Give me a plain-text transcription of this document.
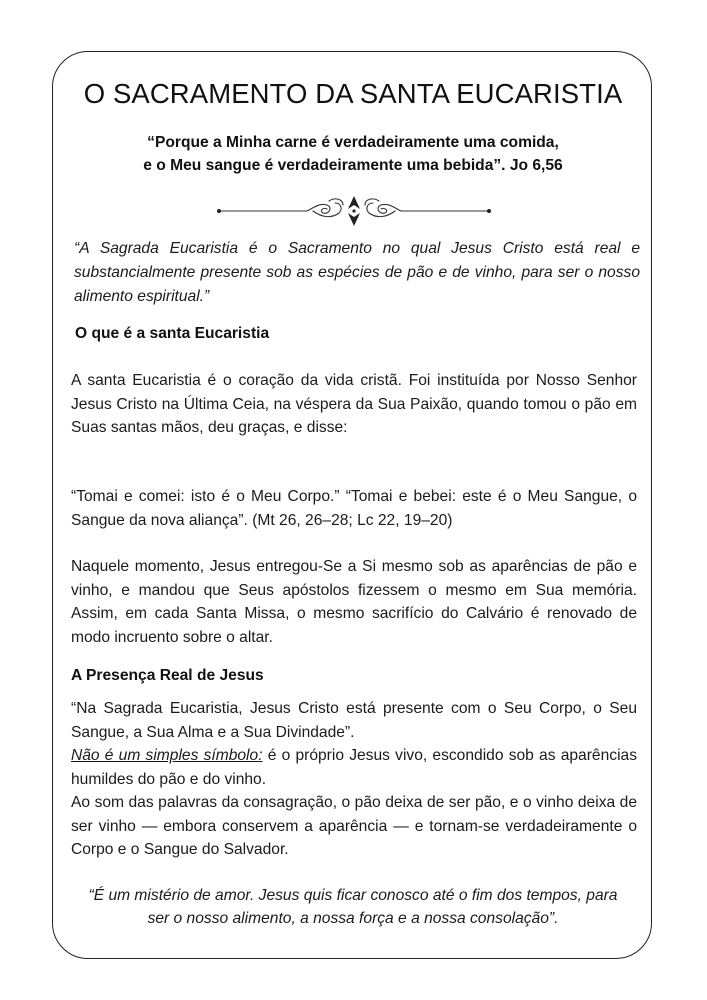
O SACRAMENTO DA SANTA EUCARISTIA
“Porque a Minha carne é verdadeiramente uma comida,
e o Meu sangue é verdadeiramente uma bebida”. Jo 6,56
“A Sagrada Eucaristia é o Sacramento no qual Jesus Cristo está real e substancialmente presente sob as espécies de pão e de vinho, para ser o nosso alimento espiritual.”
O que é a santa Eucaristia

A santa Eucaristia é o coração da vida cristã. Foi instituída por Nosso Senhor Jesus Cristo na Última Ceia, na véspera da Sua Paixão, quando tomou o pão em Suas santas mãos, deu graças, e disse:

“Tomai e comei: isto é o Meu Corpo.” “Tomai e bebei: este é o Meu Sangue, o Sangue da nova aliança”. (Mt 26, 26–28; Lc 22, 19–20)

Naquele momento, Jesus entregou-Se a Si mesmo sob as aparências de pão e vinho, e mandou que Seus apóstolos fizessem o mesmo em Sua memória. Assim, em cada Santa Missa, o mesmo sacrifício do Calvário é renovado de modo incruento sobre o altar.

A Presença Real de Jesus
“Na Sagrada Eucaristia, Jesus Cristo está presente com o Seu Corpo, o Seu Sangue, a Sua Alma e a Sua Divindade”.
Não é um simples símbolo: é o próprio Jesus vivo, escondido sob as aparências humildes do pão e do vinho.
Ao som das palavras da consagração, o pão deixa de ser pão, e o vinho deixa de ser vinho — embora conservem a aparência — e tornam-se verdadeiramente o Corpo e o Sangue do Salvador.
“É um mistério de amor. Jesus quis ficar conosco até o fim dos tempos, para ser o nosso alimento, a nossa força e a nossa consolação”.
